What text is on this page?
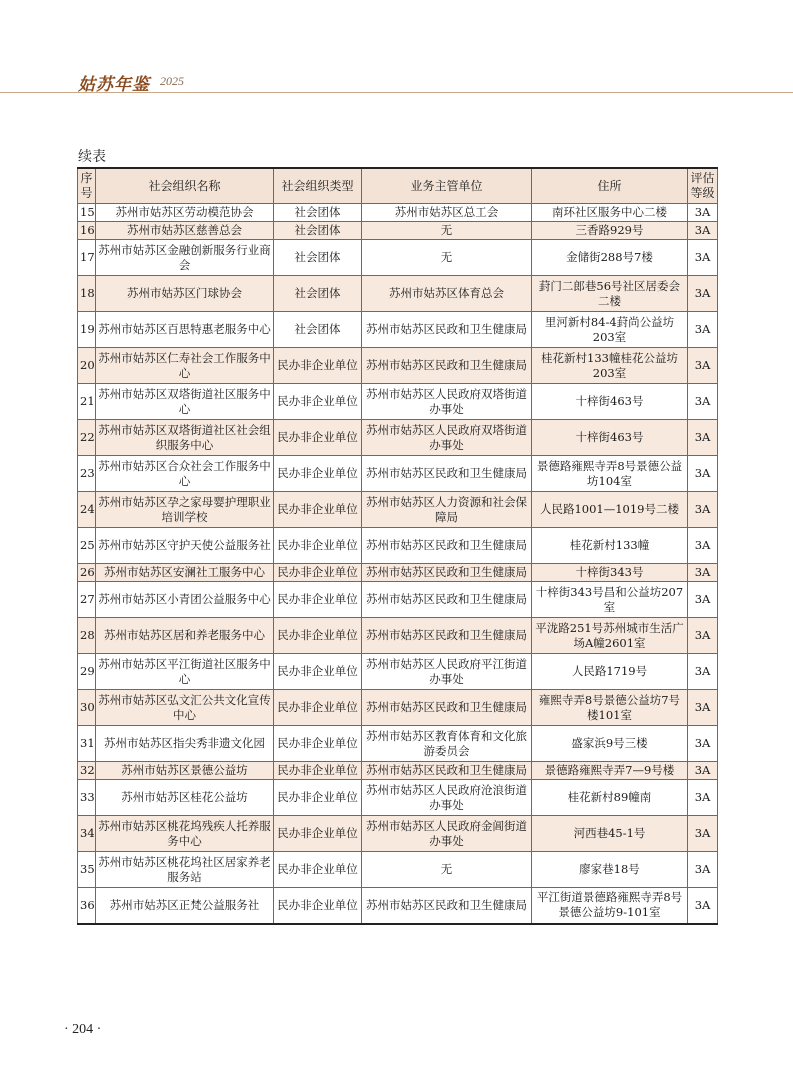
姑苏年鉴 2025
续表
序号	社会组织名称	社会组织类型	业务主管单位	住所	评估等级
15	苏州市姑苏区劳动模范协会	社会团体	苏州市姑苏区总工会	南环社区服务中心二楼	3A
16	苏州市姑苏区慈善总会	社会团体	无	三香路929号	3A
17	苏州市姑苏区金融创新服务行业商会	社会团体	无	金储街288号7楼	3A
18	苏州市姑苏区门球协会	社会团体	苏州市姑苏区体育总会	葑门二郎巷56号社区居委会二楼	3A
19	苏州市姑苏区百思特惠老服务中心	社会团体	苏州市姑苏区民政和卫生健康局	里河新村84-4葑尚公益坊203室	3A
20	苏州市姑苏区仁寿社会工作服务中心	民办非企业单位	苏州市姑苏区民政和卫生健康局	桂花新村133幢桂花公益坊203室	3A
21	苏州市姑苏区双塔街道社区服务中心	民办非企业单位	苏州市姑苏区人民政府双塔街道办事处	十梓街463号	3A
22	苏州市姑苏区双塔街道社区社会组织服务中心	民办非企业单位	苏州市姑苏区人民政府双塔街道办事处	十梓街463号	3A
23	苏州市姑苏区合众社会工作服务中心	民办非企业单位	苏州市姑苏区民政和卫生健康局	景德路雍熙寺弄8号景德公益坊104室	3A
24	苏州市姑苏区孕之家母婴护理职业培训学校	民办非企业单位	苏州市姑苏区人力资源和社会保障局	人民路1001—1019号二楼	3A
25	苏州市姑苏区守护天使公益服务社	民办非企业单位	苏州市姑苏区民政和卫生健康局	桂花新村133幢	3A
26	苏州市姑苏区安澜社工服务中心	民办非企业单位	苏州市姑苏区民政和卫生健康局	十梓街343号	3A
27	苏州市姑苏区小青团公益服务中心	民办非企业单位	苏州市姑苏区民政和卫生健康局	十梓街343号昌和公益坊207室	3A
28	苏州市姑苏区居和养老服务中心	民办非企业单位	苏州市姑苏区民政和卫生健康局	平泷路251号苏州城市生活广场A幢2601室	3A
29	苏州市姑苏区平江街道社区服务中心	民办非企业单位	苏州市姑苏区人民政府平江街道办事处	人民路1719号	3A
30	苏州市姑苏区弘文汇公共文化宣传中心	民办非企业单位	苏州市姑苏区民政和卫生健康局	雍熙寺弄8号景德公益坊7号楼101室	3A
31	苏州市姑苏区指尖秀非遗文化园	民办非企业单位	苏州市姑苏区教育体育和文化旅游委员会	盛家浜9号三楼	3A
32	苏州市姑苏区景德公益坊	民办非企业单位	苏州市姑苏区民政和卫生健康局	景德路雍熙寺弄7—9号楼	3A
33	苏州市姑苏区桂花公益坊	民办非企业单位	苏州市姑苏区人民政府沧浪街道办事处	桂花新村89幢南	3A
34	苏州市姑苏区桃花坞残疾人托养服务中心	民办非企业单位	苏州市姑苏区人民政府金阊街道办事处	河西巷45-1号	3A
35	苏州市姑苏区桃花坞社区居家养老服务站	民办非企业单位	无	廖家巷18号	3A
36	苏州市姑苏区正梵公益服务社	民办非企业单位	苏州市姑苏区民政和卫生健康局	平江街道景德路雍熙寺弄8号景德公益坊9-101室	3A
· 204 ·
